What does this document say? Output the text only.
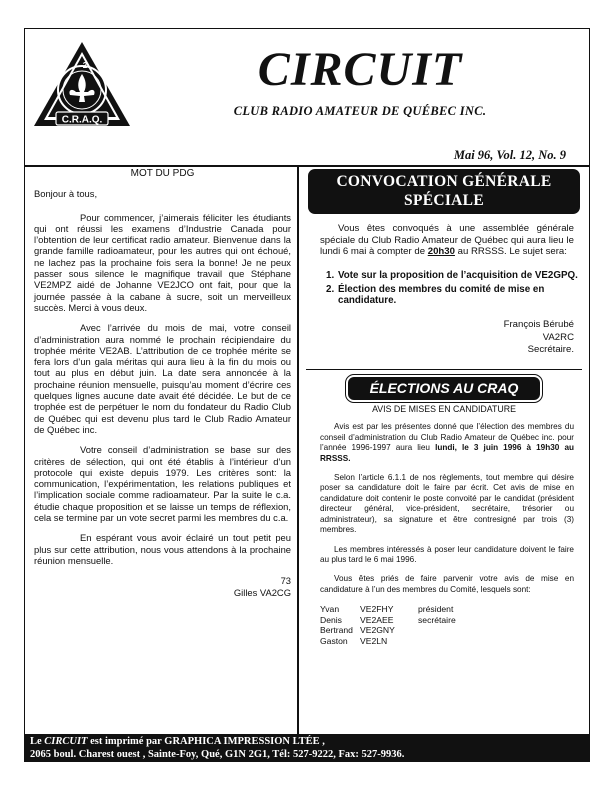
C.R.A.Q.
2	CIRCUIT
CLUB RADIO AMATEUR DE QUÉBEC INC.
Mai 96, Vol. 12, No. 9
MOT DU PDG

Bonjour à tous,

Pour commencer, j’aimerais féliciter les étudiants qui ont réussi les examens d’Industrie Canada pour l’obtention de leur certificat radio amateur. Bienvenue dans la grande famille radioamateur, pour les autres qui ont échoué, ne lachez pas la prochaine fois sera la bonne! Je ne peux passer sous silence le magnifique travail que Stéphane VE2MPZ aidé de Johanne VE2JCO ont fait, pour que la journée passée à la cabane à sucre, soit un merveilleux succès. Merci à vous deux.

Avec l’arrivée du mois de mai, votre conseil d’administration aura nommé le prochain récipiendaire du trophée mérite VE2AB. L’attribution de ce trophée mérite se fera lors d’un gala méritas qui aura lieu à la fin du mois ou tout au plus en début juin. La date sera annoncée à la prochaine réunion mensuelle, puisqu’au moment d’écrire ces quelques lignes aucune date avait été décidée. Le but de ce trophée est de perpétuer le nom du fondateur du Radio Club de Québec qui est devenu plus tard le Club Radio Amateur de Québec inc.

Votre conseil d’administration se base sur des critères de sélection, qui ont été établis à l’intérieur d’un protocole qui existe depuis 1979. Les critères sont: la communication, l’expérimentation, les relations publiques et l’implication sociale comme radioamateur. Par la suite le c.a. étudie chaque proposition et se laisse un temps de réflexion, cela se termine par un vote secret parmi les membres du c.a.

En espérant vous avoir éclairé un tout petit peu plus sur cette attribution, nous vous attendons à la prochaine réunion mensuelle.

73
Gilles VA2CG
CONVOCATION GÉNÉRALE
SPÉCIALE

Vous êtes convoqués à une assemblée générale spéciale du Club Radio Amateur de Québec qui aura lieu le lundi 6 mai à compter de 20h30 au RRSSS. Le sujet sera:

1. Vote sur la proposition de l’acquisition de VE2GPQ.
2. Élection des membres du comité de mise en candidature.
François Bérubé
VA2RC
Secrétaire.
ÉLECTIONS AU CRAQ
AVIS DE MISES EN CANDIDATURE

Avis est par les présentes donné que l’élection des membres du conseil d’administration du Club Radio Amateur de Québec inc. pour l’année 1996-1997 aura lieu lundi, le 3 juin 1996 à 19h30 au RRSSS.

Selon l’article 6.1.1 de nos règlements, tout membre qui désire poser sa candidature doit le faire par écrit. Cet avis de mise en candidature doit contenir le poste convoité par le candidat (président directeur général, vice-président, secrétaire, trésorier ou administrateur), sa signature et être contresigné par trois (3) membres.

Les membres intéressés à poser leur candidature doivent le faire au plus tard le 6 mai 1996.

Vous êtes priés de faire parvenir votre avis de mise en candidature à l’un des membres du Comité, lesquels sont:

Yvan	VE2FHY	président
Denis	VE2AEE	secrétaire
Bertrand VE2GNY
Gaston	VE2LN
Le CIRCUIT est imprimé par GRAPHICA IMPRESSION LTÉE ,
2065 boul. Charest ouest , Sainte-Foy, Qué, G1N 2G1, Tél: 527-9222, Fax: 527-9936.
